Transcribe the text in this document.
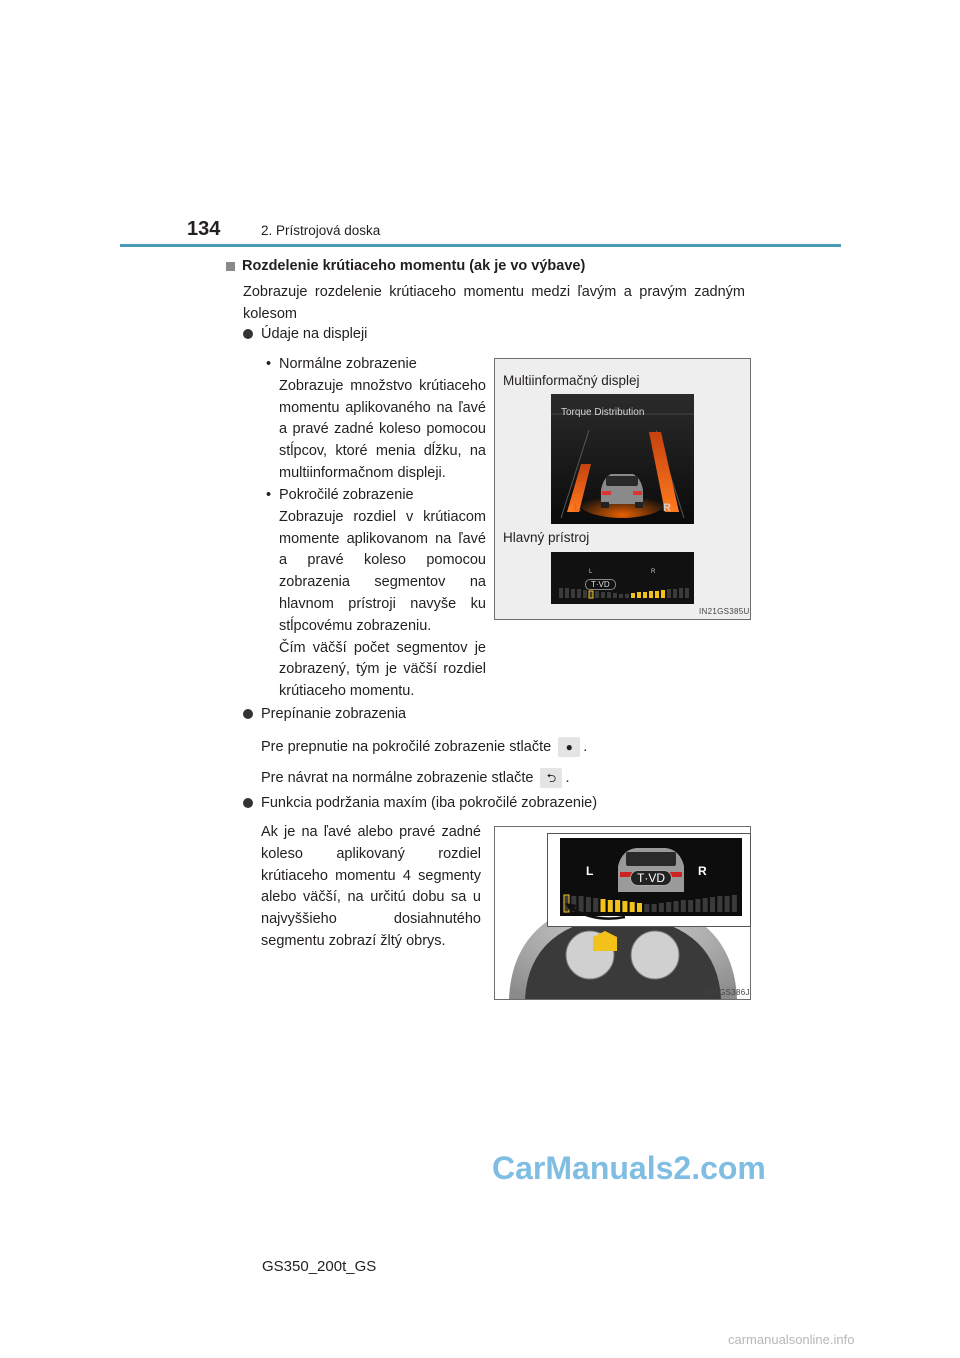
134	2. Prístrojová doska
Rozdelenie krútiaceho momentu (ak je vo výbave)
Zobrazuje rozdelenie krútiaceho momentu medzi ľavým a pravým zadným kolesom
Údaje na displeji
• Normálne zobrazenie
Zobrazuje množstvo krútiaceho momentu aplikovaného na ľavé a pravé zadné koleso pomocou stĺpcov, ktoré menia dĺžku, na multiinformačnom displeji.
• Pokročilé zobrazenie
Zobrazuje rozdiel v krútiacom momente aplikovanom na ľavé a pravé koleso pomocou zobrazenia segmentov na hlavnom prístroji navyše ku stĺpcovému zobrazeniu.
Čím väčší počet segmentov je zobrazený, tým je väčší rozdiel krútiaceho momentu.
Multiinformačný displej
Torque Distribution
L	R
Hlavný prístroj
T·VD
L	R
IN21GS385U
Prepínanie zobrazenia
Pre prepnutie na pokročilé zobrazenie stlačte ● .
Pre návrat na normálne zobrazenie stlačte ⮌ .
Funkcia podržania maxím (iba pokročilé zobrazenie)
Ak je na ľavé alebo pravé zadné koleso aplikovaný rozdiel krútiaceho momentu 4 segmenty alebo väčší, na určitú dobu sa u najvyššieho dosiahnutého segmentu zobrazí žltý obrys.
L	R
T·VD
IN21GS386J
GS350_200t_GS
CarManuals2.com
carmanualsonline.info
